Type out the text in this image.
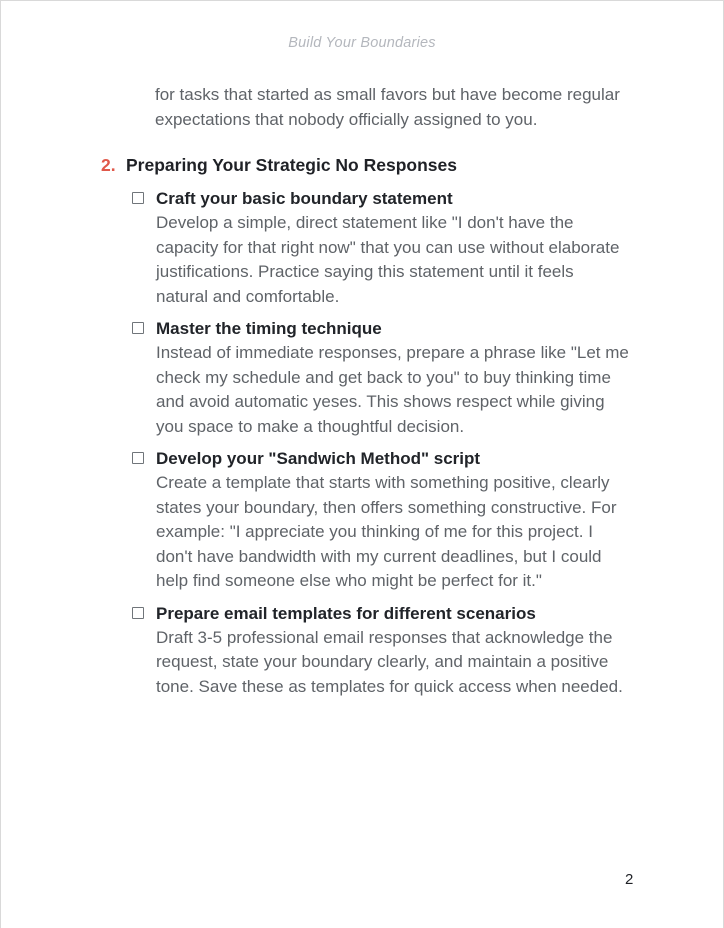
Build Your Boundaries

for tasks that started as small favors but have become regular expectations that nobody officially assigned to you.

2. Preparing Your Strategic No Responses
Craft your basic boundary statement
Develop a simple, direct statement like "I don't have the capacity for that right now" that you can use without elaborate justifications. Practice saying this statement until it feels natural and comfortable.
Master the timing technique
Instead of immediate responses, prepare a phrase like "Let me check my schedule and get back to you" to buy thinking time and avoid automatic yeses. This shows respect while giving you space to make a thoughtful decision.
Develop your "Sandwich Method" script
Create a template that starts with something positive, clearly states your boundary, then offers something constructive. For example: "I appreciate you thinking of me for this project. I don't have bandwidth with my current deadlines, but I could help find someone else who might be perfect for it."
Prepare email templates for different scenarios
Draft 3-5 professional email responses that acknowledge the request, state your boundary clearly, and maintain a positive tone. Save these as templates for quick access when needed.
2
